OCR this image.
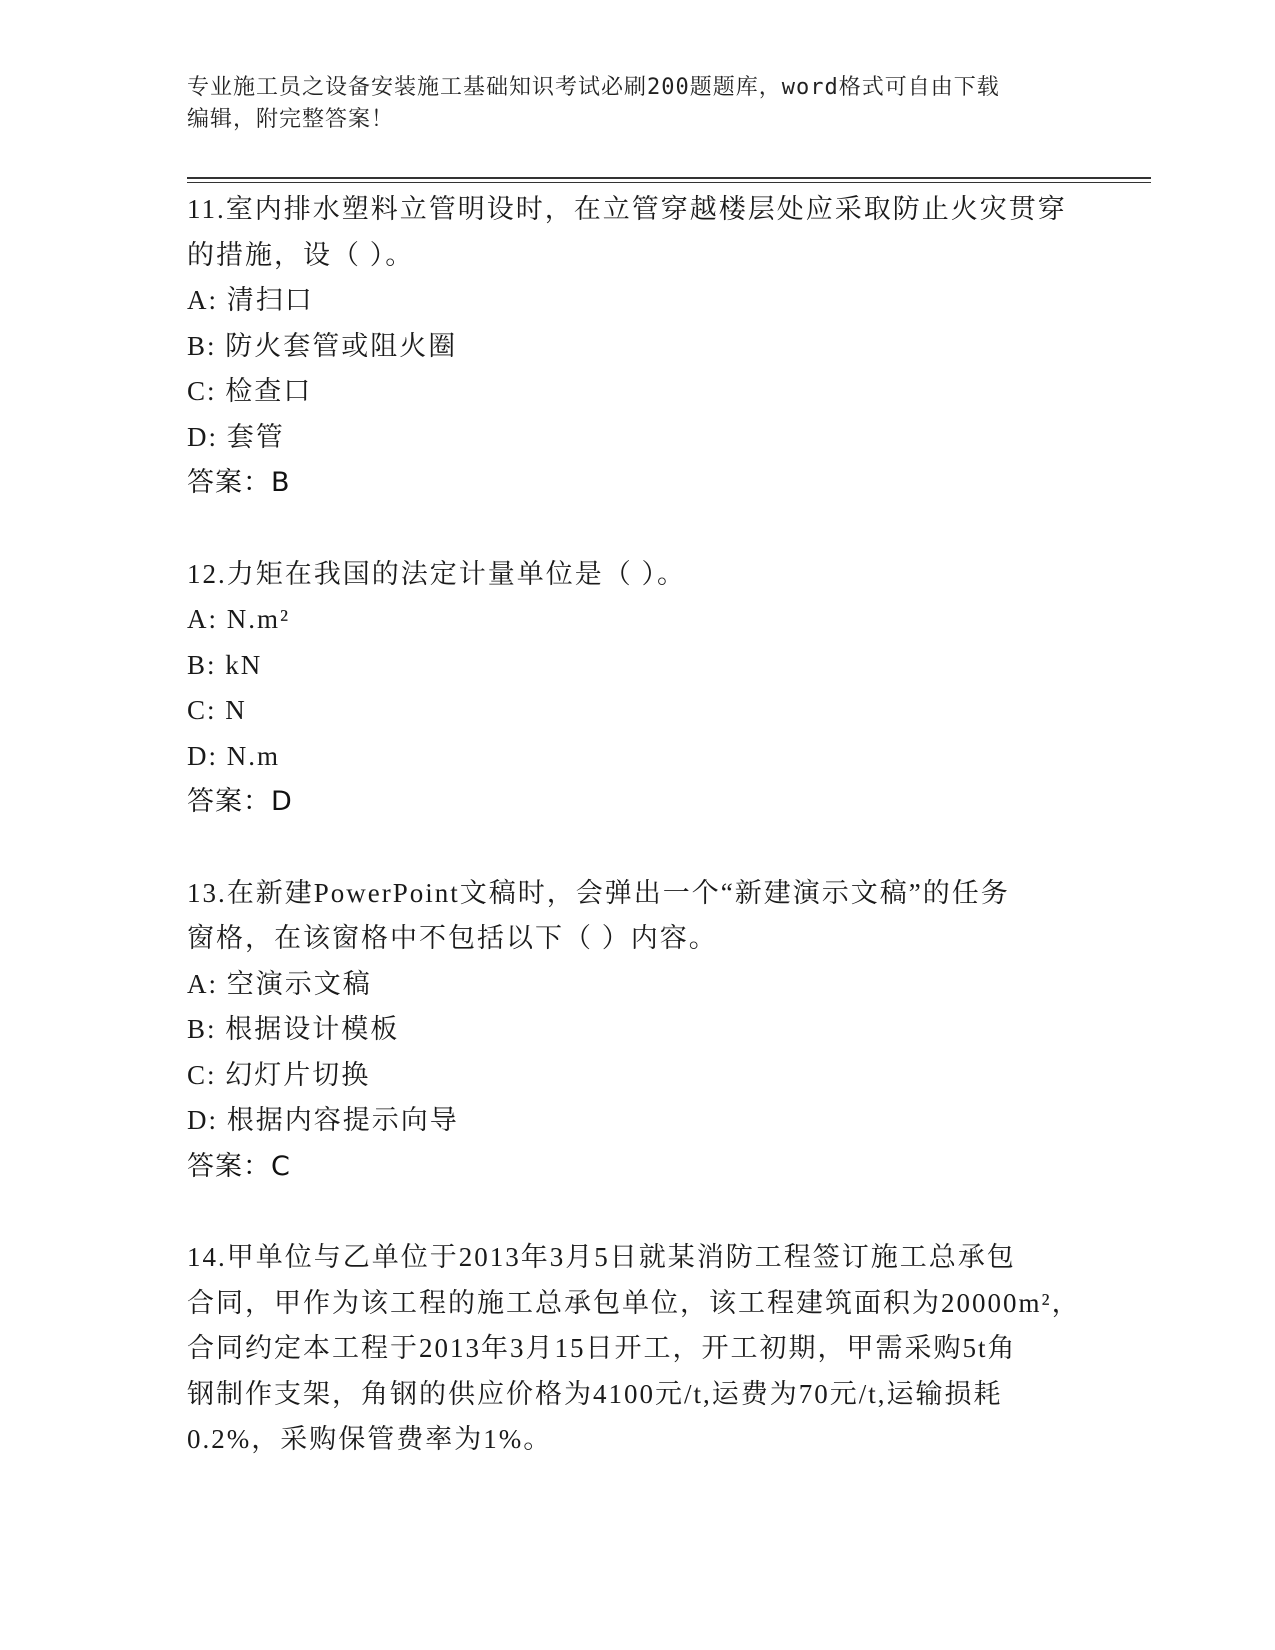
专业施工员之设备安装施工基础知识考试必刷200题题库，word格式可自由下载
编辑，附完整答案！
11.室内排水塑料立管明设时，在立管穿越楼层处应采取防止火灾贯穿
的措施，设（ ）。
A: 清扫口
B: 防火套管或阻火圈
C: 检查口
D: 套管
答案：B
12.力矩在我国的法定计量单位是（ ）。
A: N.m²
B: kN
C: N
D: N.m
答案：D
13.在新建PowerPoint文稿时，会弹出一个“新建演示文稿”的任务
窗格，在该窗格中不包括以下（ ）内容。
A: 空演示文稿
B: 根据设计模板
C: 幻灯片切换
D: 根据内容提示向导
答案：C
14.甲单位与乙单位于2013年3月5日就某消防工程签订施工总承包
合同，甲作为该工程的施工总承包单位，该工程建筑面积为20000m²，
合同约定本工程于2013年3月15日开工，开工初期，甲需采购5t角
钢制作支架，角钢的供应价格为4100元/t,运费为70元/t,运输损耗
0.2%，采购保管费率为1%。
